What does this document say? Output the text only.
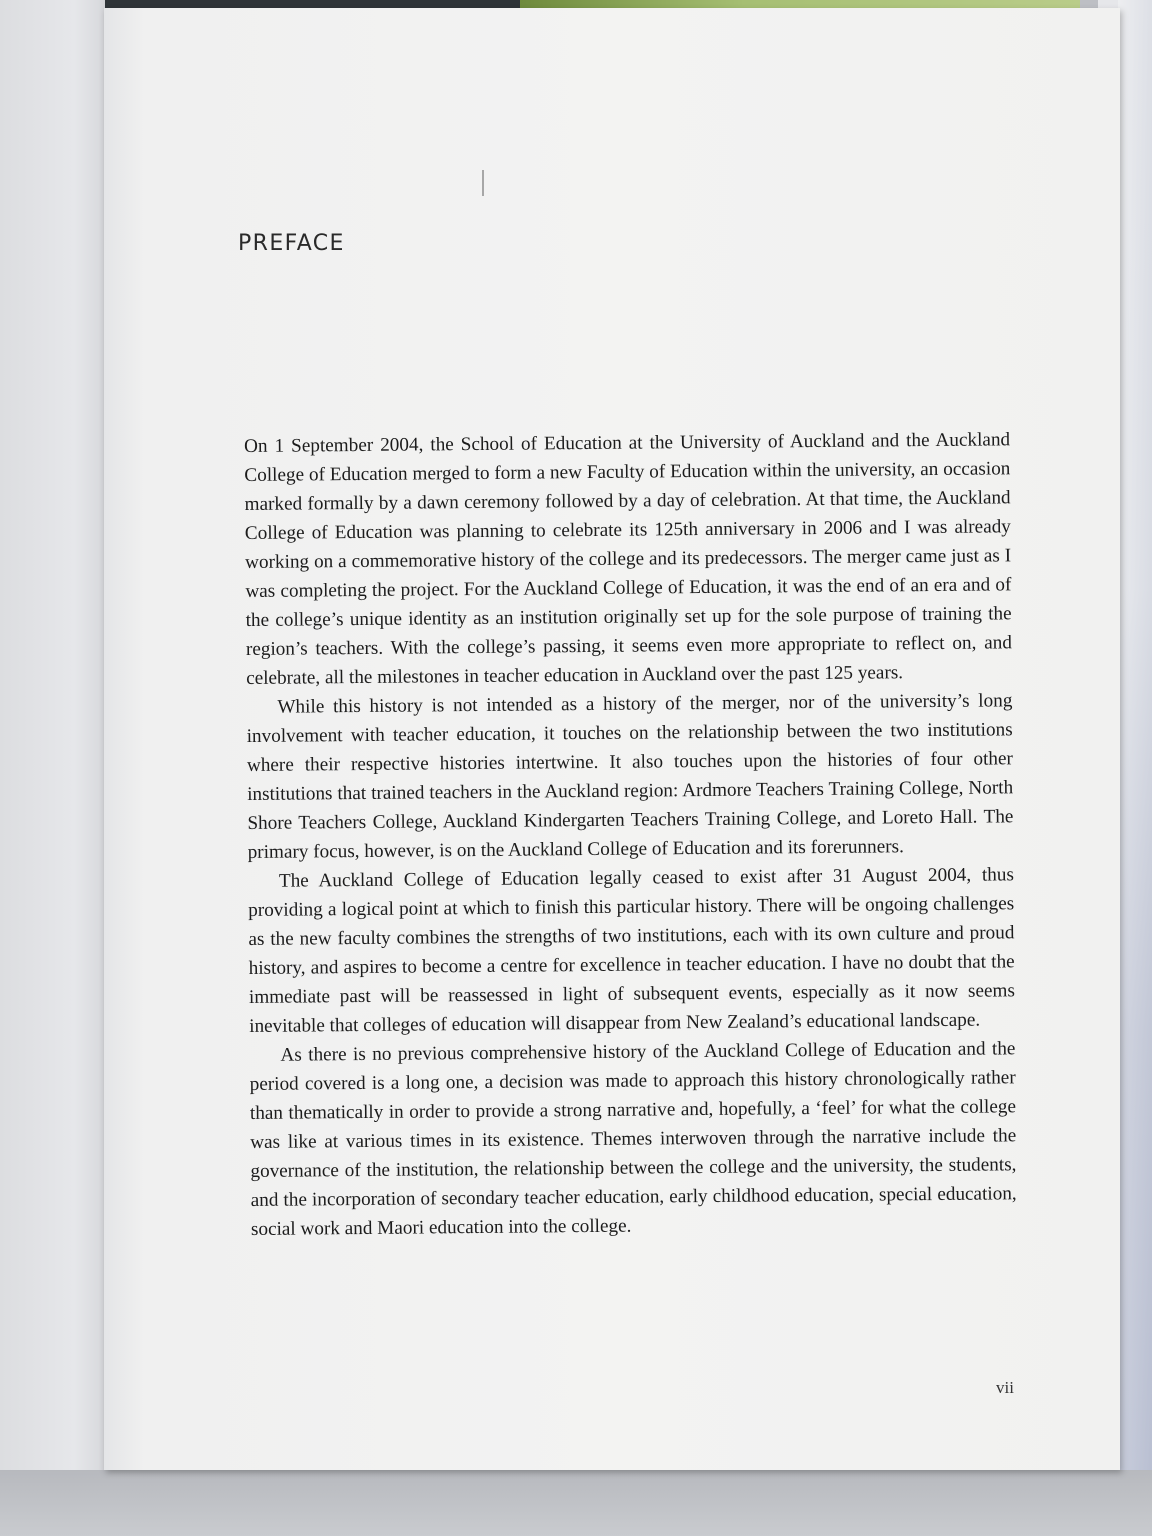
PREFACE

On 1 September 2004, the School of Education at the University of Auckland and the Auckland College of Education merged to form a new Faculty of Education within the university, an occasion marked formally by a dawn ceremony followed by a day of celebration. At that time, the Auckland College of Education was planning to celebrate its 125th anniversary in 2006 and I was already working on a commemorative history of the college and its predecessors. The merger came just as I was completing the project. For the Auckland College of Education, it was the end of an era and of the college’s unique identity as an institution originally set up for the sole purpose of training the region’s teachers. With the college’s passing, it seems even more appropriate to reflect on, and celebrate, all the milestones in teacher education in Auckland over the past 125 years.

While this history is not intended as a history of the merger, nor of the university’s long involvement with teacher education, it touches on the relationship between the two institutions where their respective histories intertwine. It also touches upon the histories of four other institutions that trained teachers in the Auckland region: Ardmore Teachers Training College, North Shore Teachers College, Auckland Kindergarten Teachers Training College, and Loreto Hall. The primary focus, however, is on the Auckland College of Education and its forerunners.

The Auckland College of Education legally ceased to exist after 31 August 2004, thus providing a logical point at which to finish this particular history. There will be ongoing challenges as the new faculty combines the strengths of two institutions, each with its own culture and proud history, and aspires to become a centre for excellence in teacher education. I have no doubt that the immediate past will be reassessed in light of subsequent events, especially as it now seems inevitable that colleges of education will disappear from New Zealand’s educational landscape.

As there is no previous comprehensive history of the Auckland College of Education and the period covered is a long one, a decision was made to approach this history chronologically rather than thematically in order to provide a strong narrative and, hopefully, a ‘feel’ for what the college was like at various times in its existence. Themes interwoven through the narrative include the governance of the institution, the relationship between the college and the university, the students, and the incorporation of secondary teacher education, early childhood education, special education, social work and Maori education into the college.

vii
